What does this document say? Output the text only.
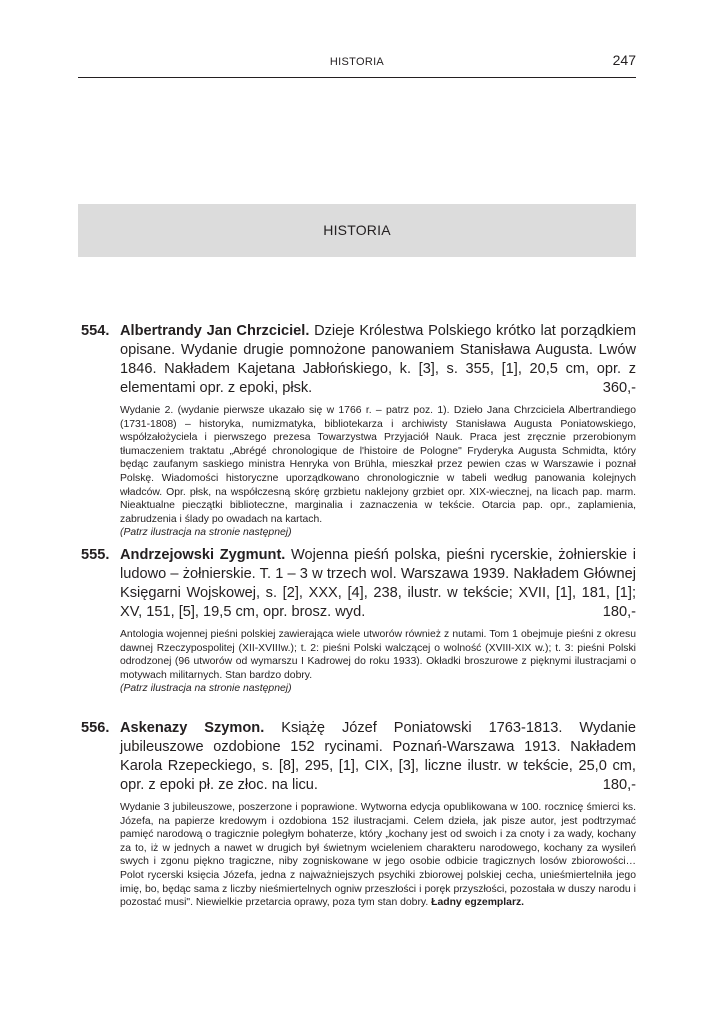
HISTORIA	247
HISTORIA
554. Albertrandy Jan Chrzciciel. Dzieje Królestwa Polskiego krótko lat porządkiem opisane. Wydanie drugie pomnożone panowaniem Stanisława Augusta. Lwów 1846. Nakładem Kajetana Jabłońskiego, k. [3], s. 355, [1], 20,5 cm, opr. z elementami opr. z epoki, płsk.	360,-
Wydanie 2. (wydanie pierwsze ukazało się w 1766 r. – patrz poz. 1). Dzieło Jana Chrzciciela Albertrandiego (1731-1808) – historyka, numizmatyka, bibliotekarza i archiwisty Stanisława Augusta Poniatowskiego, współzałożyciela i pierwszego prezesa Towarzystwa Przyjaciół Nauk. Praca jest zręcznie przerobionym tłumaczeniem traktatu „Abrégé chronologique de l'histoire de Pologne" Fryderyka Augusta Schmidta, który będąc zaufanym saskiego ministra Henryka von Brühla, mieszkał przez pewien czas w Warszawie i poznał Polskę. Wiadomości historyczne uporządkowano chronologicznie w tabeli według panowania kolejnych władców. Opr. płsk, na współczesną skórę grzbietu naklejony grzbiet opr. XIX-wiecznej, na licach pap. marm. Nieaktualne pieczątki biblioteczne, marginalia i zaznaczenia w tekście. Otarcia pap. opr., zaplamienia, zabrudzenia i ślady po owadach na kartach.
(Patrz ilustracja na stronie następnej)
555. Andrzejowski Zygmunt. Wojenna pieśń polska, pieśni rycerskie, żołnierskie i ludowo – żołnierskie. T. 1 – 3 w trzech wol. Warszawa 1939. Nakładem Głównej Księgarni Wojskowej, s. [2], XXX, [4], 238, ilustr. w tekście; XVII, [1], 181, [1]; XV, 151, [5], 19,5 cm, opr. brosz. wyd.	180,-
Antologia wojennej pieśni polskiej zawierająca wiele utworów również z nutami. Tom 1 obejmuje pieśni z okresu dawnej Rzeczypospolitej (XII-XVIIIw.); t. 2: pieśni Polski walczącej o wolność (XVIII-XIX w.); t. 3: pieśni Polski odrodzonej (96 utworów od wymarszu I Kadrowej do roku 1933). Okładki broszurowe z pięknymi ilustracjami o motywach militarnych. Stan bardzo dobry.
(Patrz ilustracja na stronie następnej)
556. Askenazy Szymon. Książę Józef Poniatowski 1763-1813. Wydanie jubileuszowe ozdobione 152 rycinami. Poznań-Warszawa 1913. Nakładem Karola Rzepeckiego, s. [8], 295, [1], CIX, [3], liczne ilustr. w tekście, 25,0 cm, opr. z epoki pł. ze złoc. na licu.	180,-
Wydanie 3 jubileuszowe, poszerzone i poprawione. Wytworna edycja opublikowana w 100. rocznicę śmierci ks. Józefa, na papierze kredowym i ozdobiona 152 ilustracjami. Celem dzieła, jak pisze autor, jest podtrzymać pamięć narodową o tragicznie poległym bohaterze, który „kochany jest od swoich i za cnoty i za wady, kochany za to, iż w jednych a nawet w drugich był świetnym wcieleniem charakteru narodowego, kochany za wysileń swych i zgonu piękno tragiczne, niby zogniskowane w jego osobie odbicie tragicznych losów zbiorowości… Polot rycerski księcia Józefa, jedna z najważniejszych psychiki zbiorowej polskiej cecha, unieśmiertelniła jego imię, bo, będąc sama z liczby nieśmiertelnych ogniw przeszłości i poręk przyszłości, pozostała w duszy narodu i pozostać musi". Niewielkie przetarcia oprawy, poza tym stan dobry. Ładny egzemplarz.
